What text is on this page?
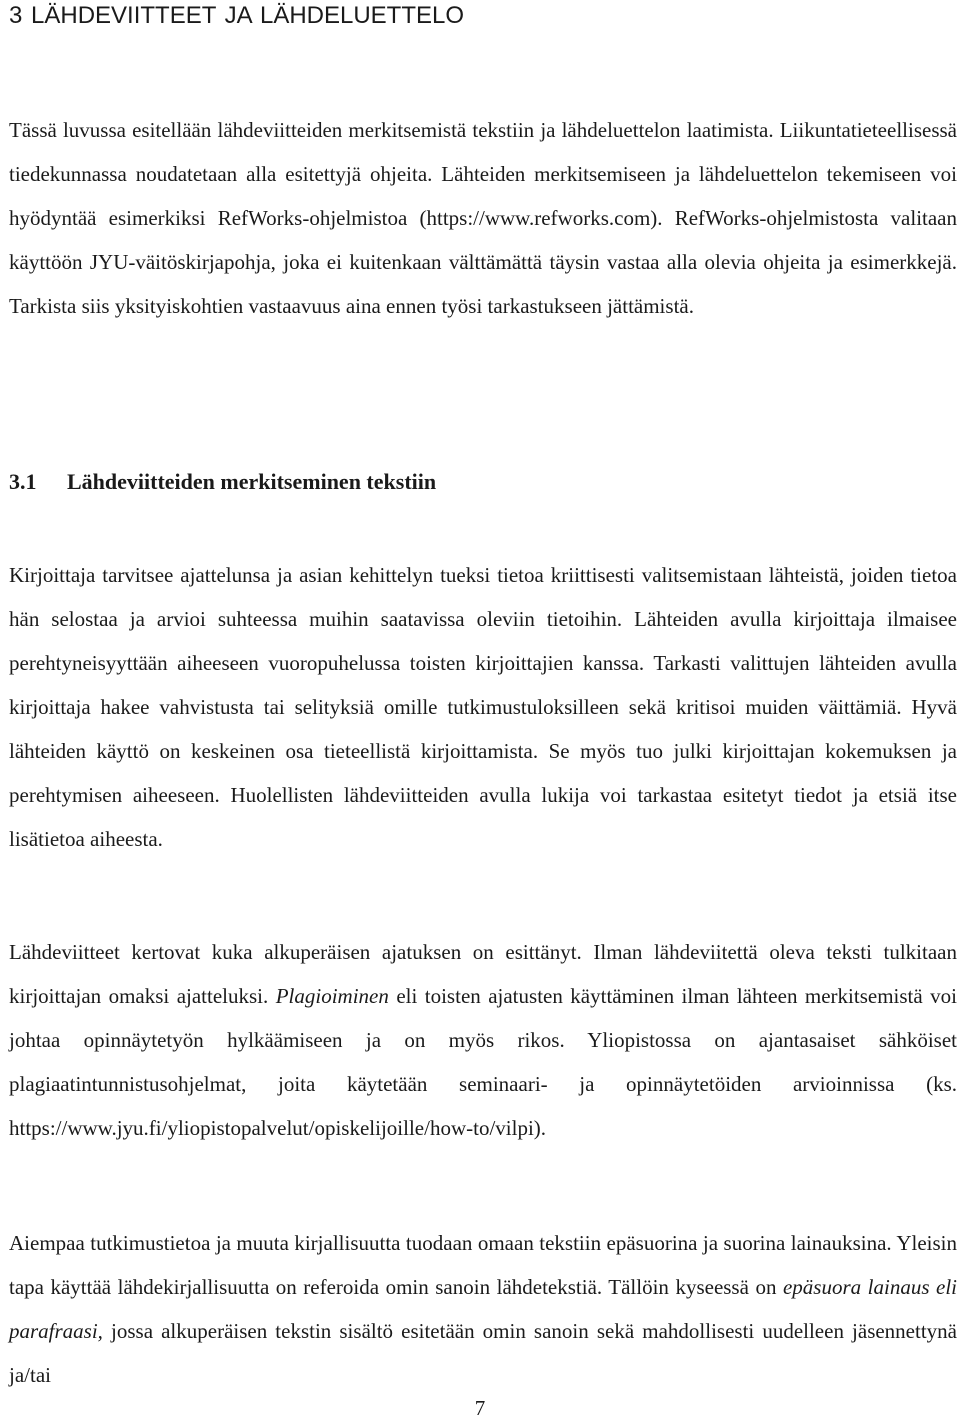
3 LÄHDEVIITTEET JA LÄHDELUETTELO
Tässä luvussa esitellään lähdeviitteiden merkitsemistä tekstiin ja lähdeluettelon laatimista. Liikuntatieteellisessä tiedekunnassa noudatetaan alla esitettyjä ohjeita. Lähteiden merkitsemiseen ja lähdeluettelon tekemiseen voi hyödyntää esimerkiksi RefWorks-ohjelmistoa (https://www.refworks.com). RefWorks-ohjelmistosta valitaan käyttöön JYU-väitöskirjapohja, joka ei kuitenkaan välttämättä täysin vastaa alla olevia ohjeita ja esimerkkejä. Tarkista siis yksityiskohtien vastaavuus aina ennen työsi tarkastukseen jättämistä.
3.1 Lähdeviitteiden merkitseminen tekstiin
Kirjoittaja tarvitsee ajattelunsa ja asian kehittelyn tueksi tietoa kriittisesti valitsemistaan lähteistä, joiden tietoa hän selostaa ja arvioi suhteessa muihin saatavissa oleviin tietoihin. Lähteiden avulla kirjoittaja ilmaisee perehtyneisyyttään aiheeseen vuoropuhelussa toisten kirjoittajien kanssa. Tarkasti valittujen lähteiden avulla kirjoittaja hakee vahvistusta tai selityksiä omille tutkimustuloksilleen sekä kritisoi muiden väittämiä. Hyvä lähteiden käyttö on keskeinen osa tieteellistä kirjoittamista. Se myös tuo julki kirjoittajan kokemuksen ja perehtymisen aiheeseen. Huolellisten lähdeviitteiden avulla lukija voi tarkastaa esitetyt tiedot ja etsiä itse lisätietoa aiheesta.
Lähdeviitteet kertovat kuka alkuperäisen ajatuksen on esittänyt. Ilman lähdeviitettä oleva teksti tulkitaan kirjoittajan omaksi ajatteluksi. Plagioiminen eli toisten ajatusten käyttäminen ilman lähteen merkitsemistä voi johtaa opinnäytetyön hylkäämiseen ja on myös rikos. Yliopistossa on ajantasaiset sähköiset plagiaatintunnistusohjelmat, joita käytetään seminaari- ja opinnäytetöiden arvioinnissa (ks. https://www.jyu.fi/yliopistopalvelut/opiskelijoille/how-to/vilpi).
Aiempaa tutkimustietoa ja muuta kirjallisuutta tuodaan omaan tekstiin epäsuorina ja suorina lainauksina. Yleisin tapa käyttää lähdekirjallisuutta on referoida omin sanoin lähdetekstiä. Tällöin kyseessä on epäsuora lainaus eli parafraasi, jossa alkuperäisen tekstin sisältö esitetään omin sanoin sekä mahdollisesti uudelleen jäsennettynä ja/tai
7
